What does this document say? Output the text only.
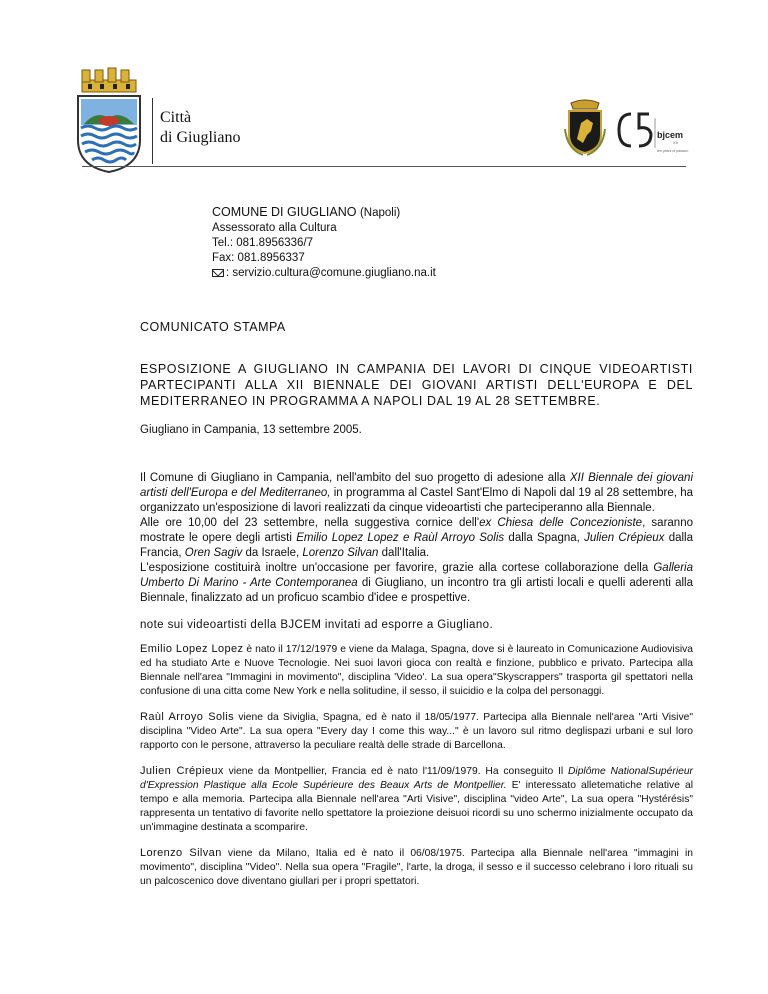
Città
di Giugliano	bjcem
XII
ten years of passion
COMUNE DI GIUGLIANO (Napoli)
Assessorato alla Cultura
Tel.: 081.8956336/7
Fax: 081.8956337
: servizio.cultura@comune.giugliano.na.it
COMUNICATO STAMPA
ESPOSIZIONE A GIUGLIANO IN CAMPANIA DEI LAVORI DI CINQUE VIDEOARTISTI PARTECIPANTI ALLA XII BIENNALE DEI GIOVANI ARTISTI DELL'EUROPA E DEL MEDITERRANEO IN PROGRAMMA A NAPOLI DAL 19 AL 28 SETTEMBRE.
Giugliano in Campania, 13 settembre 2005.

Il Comune di Giugliano in Campania, nell'ambito del suo progetto di adesione alla XII Biennale dei giovani artisti dell'Europa e del Mediterraneo, in programma al Castel Sant'Elmo di Napoli dal 19 al 28 settembre, ha organizzato un'esposizione di lavori realizzati da cinque videoartisti che parteciperanno alla Biennale.

Alle ore 10,00 del 23 settembre, nella suggestiva cornice dell'ex Chiesa delle Concezioniste, saranno mostrate le opere degli artisti Emilio Lopez Lopez e Raùl Arroyo Solis dalla Spagna, Julien Crépieux dalla Francia, Oren Sagiv da Israele, Lorenzo Silvan dall'Italia.

L'esposizione costituirà inoltre un'occasione per favorire, grazie alla cortese collaborazione della Galleria Umberto Di Marino - Arte Contemporanea di Giugliano, un incontro tra gli artisti locali e quelli aderenti alla Biennale, finalizzato ad un proficuo scambio d'idee e prospettive.

note sui videoartisti della BJCEM invitati ad esporre a Giugliano.
Emilio Lopez Lopez è nato il 17/12/1979 e viene da Malaga, Spagna, dove si è laureato in Comunicazione Audiovisiva ed ha studiato Arte e Nuove Tecnologie. Nei suoi lavori gioca con realtà e finzione, pubblico e privato. Partecipa alla Biennale nell'area "Immagini in movimento", disciplina 'Video'. La sua opera"Skyscrappers" trasporta gil spettatori nella confusione di una citta come New York e nella solitudine, il sesso, il suicidio e la colpa del personaggi.
Raùl Arroyo Solis viene da Siviglia, Spagna, ed è nato il 18/05/1977. Partecipa alla Biennale nell'area "Arti Visive" disciplina "Video Arte". La sua opera "Every day I come this way..." è un lavoro sul ritmo deglispazi urbani e sul loro rapporto con le persone, attraverso la peculiare realtà delle strade di Barcellona.
Julien Crépieux viene da Montpellier, Francia ed è nato l'11/09/1979. Ha conseguito Il Diplôme NationalSupérieur d'Expression Plastique alla Ecole Supérieure des Beaux Arts de Montpellier. E' interessato alletematiche relative al tempo e alla memoria. Partecipa alla Biennale nell'area "Arti Visive", disciplina "video Arte", La sua opera "Hystérésis" rappresenta un tentativo di favorite nello spettatore la proiezione deisuoi ricordi su uno schermo inizialmente occupato da un'immagine destinata a scomparire.
Lorenzo Silvan viene da Milano, Italia ed è nato il 06/08/1975. Partecipa alla Biennale nell'area "immagini in movimento", disciplina "Video". Nella sua opera "Fragile", l'arte, la droga, il sesso e il successo celebrano i loro rituali su un palcoscenico dove diventano giullari per i propri spettatori.
